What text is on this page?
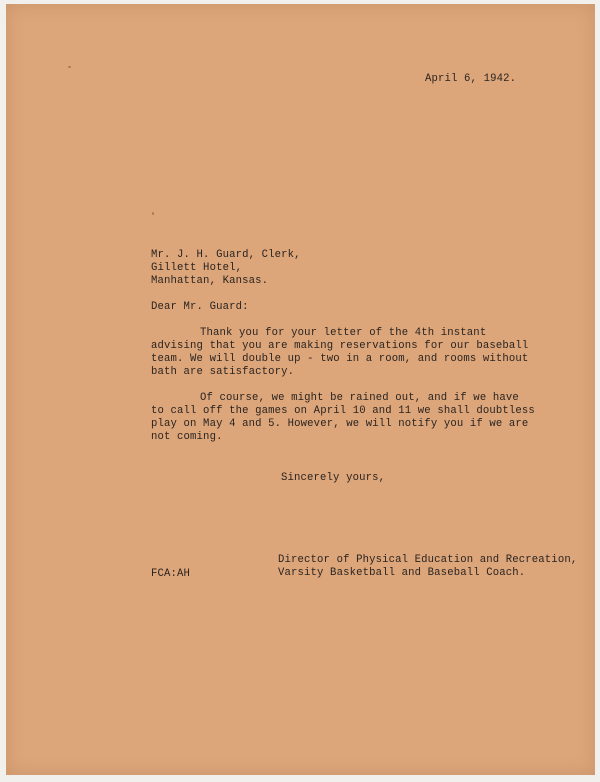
April 6, 1942.
Mr. J. H. Guard, Clerk,
Gillett Hotel,
Manhattan, Kansas.
Dear Mr. Guard:
Thank you for your letter of the 4th instant
advising that you are making reservations for our baseball
team. We will double up - two in a room, and rooms without
bath are satisfactory.
Of course, we might be rained out, and if we have
to call off the games on April 10 and 11 we shall doubtless
play on May 4 and 5. However, we will notify you if we are
not coming.
Sincerely yours,
Director of Physical Education and Recreation,
Varsity Basketball and Baseball Coach.
FCA:AH
